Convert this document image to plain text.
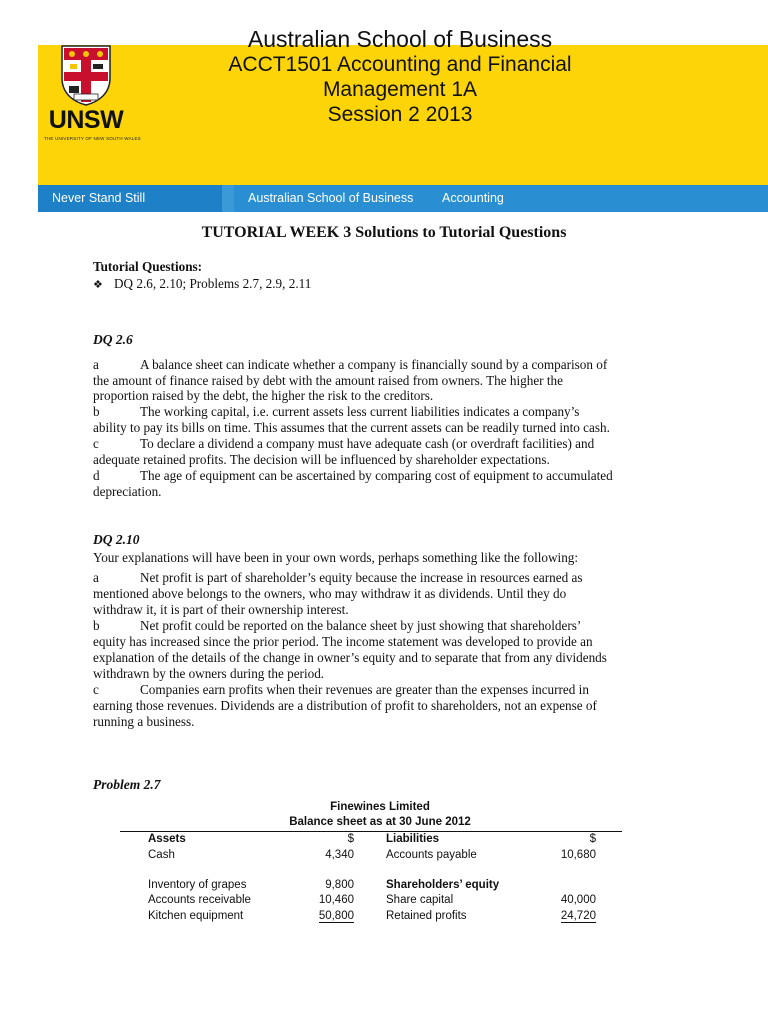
UNSW
THE UNIVERSITY OF NEW SOUTH WALES
Australian School of Business
ACCT1501 Accounting and Financial
Management 1A
Session 2 2013
Never Stand Still	Australian School of Business	Accounting
TUTORIAL WEEK 3 Solutions to Tutorial Questions
Tutorial Questions:
❖ DQ 2.6, 2.10; Problems 2.7, 2.9, 2.11
DQ 2.6
a	A balance sheet can indicate whether a company is financially sound by a comparison of
the amount of finance raised by debt with the amount raised from owners. The higher the
proportion raised by the debt, the higher the risk to the creditors.
b	The working capital, i.e. current assets less current liabilities indicates a company’s
ability to pay its bills on time. This assumes that the current assets can be readily turned into cash.
c	To declare a dividend a company must have adequate cash (or overdraft facilities) and
adequate retained profits. The decision will be influenced by shareholder expectations.
d	The age of equipment can be ascertained by comparing cost of equipment to accumulated
depreciation.
DQ 2.10
Your explanations will have been in your own words, perhaps something like the following:
a	Net profit is part of shareholder’s equity because the increase in resources earned as
mentioned above belongs to the owners, who may withdraw it as dividends. Until they do
withdraw it, it is part of their ownership interest.
b	Net profit could be reported on the balance sheet by just showing that shareholders’
equity has increased since the prior period. The income statement was developed to provide an
explanation of the details of the change in owner’s equity and to separate that from any dividends
withdrawn by the owners during the period.
c	Companies earn profits when their revenues are greater than the expenses incurred in
earning those revenues. Dividends are a distribution of profit to shareholders, not an expense of
running a business.
Problem 2.7
Finewines Limited
Balance sheet as at 30 June 2012
Assets	$	Liabilities	$
Cash	4,340	Accounts payable	10,680
Inventory of grapes	9,800	Shareholders’ equity
Accounts receivable	10,460	Share capital	40,000
Kitchen equipment	50,800	Retained profits	24,720
